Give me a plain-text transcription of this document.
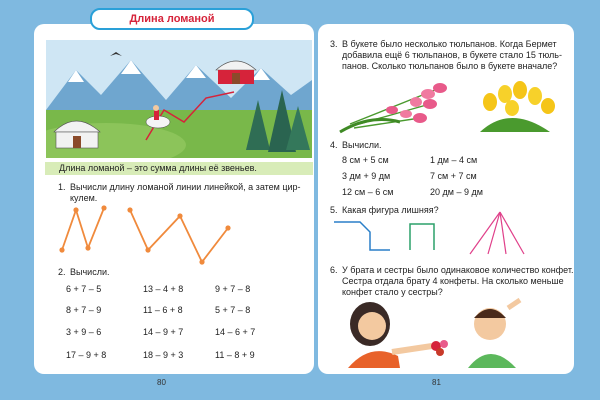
Длина ломаной
Длина ломаной – это сумма длины её звеньев.
1. Вычисли длину ломаной линии линейкой, а затем цир-
кулем.
2. Вычисли.
6 + 7 – 5	13 – 4 + 8	9 + 7 – 8
8 + 7 – 9	11 – 6 + 8	5 + 7 – 8
3 + 9 – 6	14 – 9 + 7	14 – 6 + 7
17 – 9 + 8	18 – 9 + 3	11 – 8 + 9
80
3. В букете было несколько тюльпанов. Когда Бермет
добавила ещё 6 тюльпанов, в букете стало 15 тюль-
панов. Сколько тюльпанов было в букете вначале?
4. Вычисли.
8 см + 5 см	1 дм – 4 см
3 дм + 9 дм	7 см + 7 см
12 см – 6 см	20 дм – 9 дм
5. Какая фигура лишняя?
6. У брата и сестры было одинаковое количество конфет.
Сестра отдала брату 4 конфеты. На сколько меньше
конфет стало у сестры?
81
